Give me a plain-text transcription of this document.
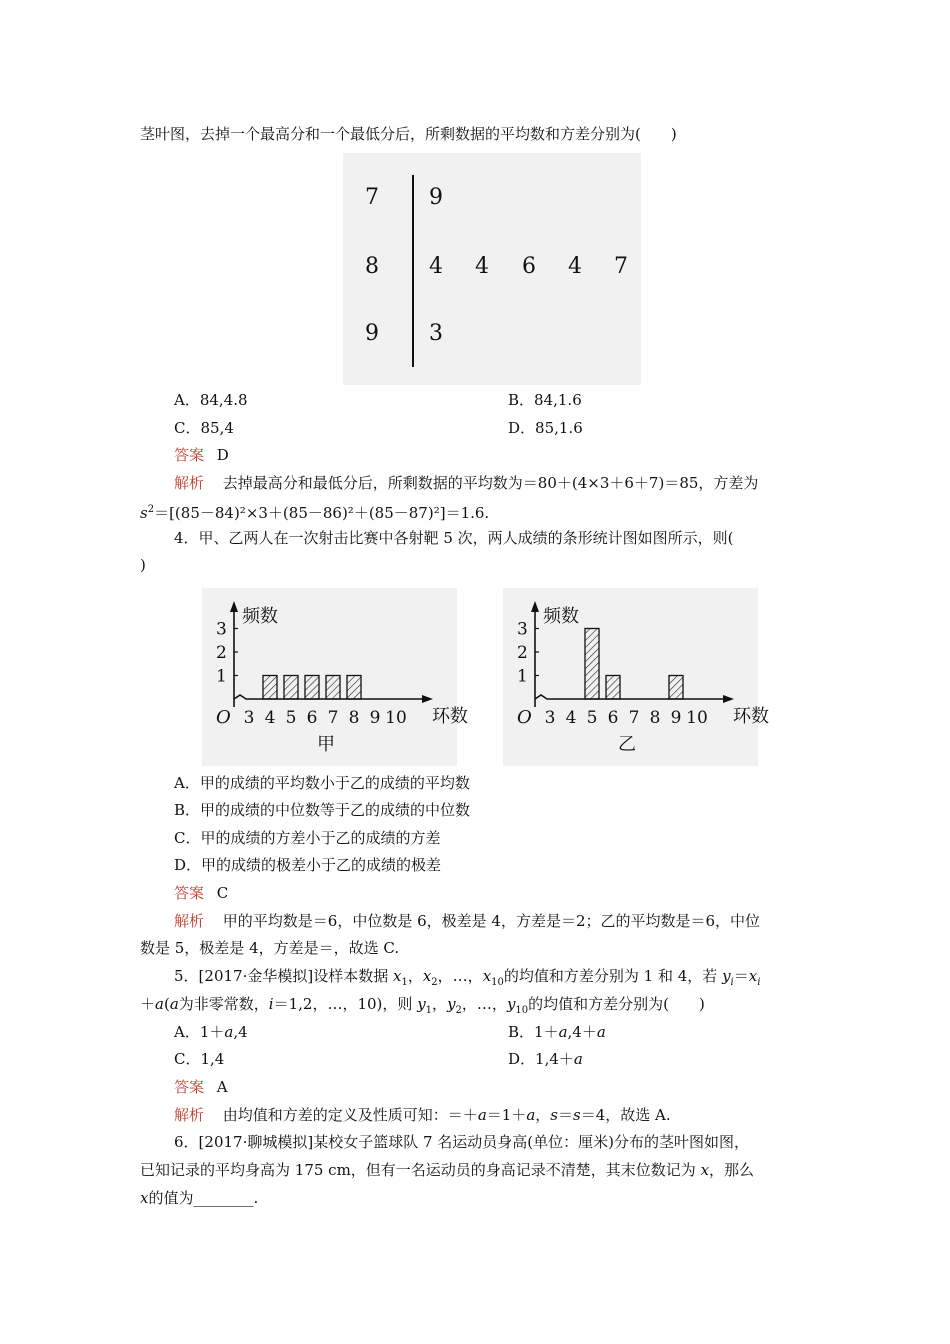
茎叶图，去掉一个最高分和一个最低分后，所剩数据的平均数和方差分别为(　　)
7 9
8 4 4 6 4 7
9 3
A．84,4.8	B．84,1.6
C．85,4	D．85,1.6
答案 D
解析 去掉最高分和最低分后，所剩数据的平均数为＝80＋(4×3＋6＋7)＝85，方差为
$s^2=[(85-84)^2\times 3+(85-86)^2+(85-87)^2]=1.6$.
4．甲、乙两人在一次射击比赛中各射靶 5 次，两人成绩的条形统计图如图所示，则(
)
1
2
3
3 4 5 6 7 8 9 10
O
频数
环数
甲
1
2
3
3 4 5 6 7 8 9 10
O
频数
环数
乙
A．甲的成绩的平均数小于乙的成绩的平均数
B．甲的成绩的中位数等于乙的成绩的中位数
C．甲的成绩的方差小于乙的成绩的方差
D．甲的成绩的极差小于乙的成绩的极差
答案 C
解析 甲的平均数是＝6，中位数是 6，极差是 4，方差是＝2；乙的平均数是＝6，中位
数是 5，极差是 4，方差是＝，故选 C.
5．[2017·金华模拟]设样本数据 $x_1$，$x_2$，…，$x_{10}$的均值和方差分别为 1 和 4，若 $y_i=x_i$
＋a(a为非零常数，i＝1,2，…，10)，则 $y_1$，$y_2$，…，$y_{10}$的均值和方差分别为(　　)
A．1＋a,4	B．1＋a,4＋a
C．1,4	D．1,4＋a
答案 A
解析 由均值和方差的定义及性质可知：＝＋a＝1＋a，s＝s＝4，故选 A.
6．[2017·聊城模拟]某校女子篮球队 7 名运动员身高(单位：厘米)分布的茎叶图如图，
已知记录的平均身高为 175 cm，但有一名运动员的身高记录不清楚，其末位数记为 x，那么
x的值为________.
